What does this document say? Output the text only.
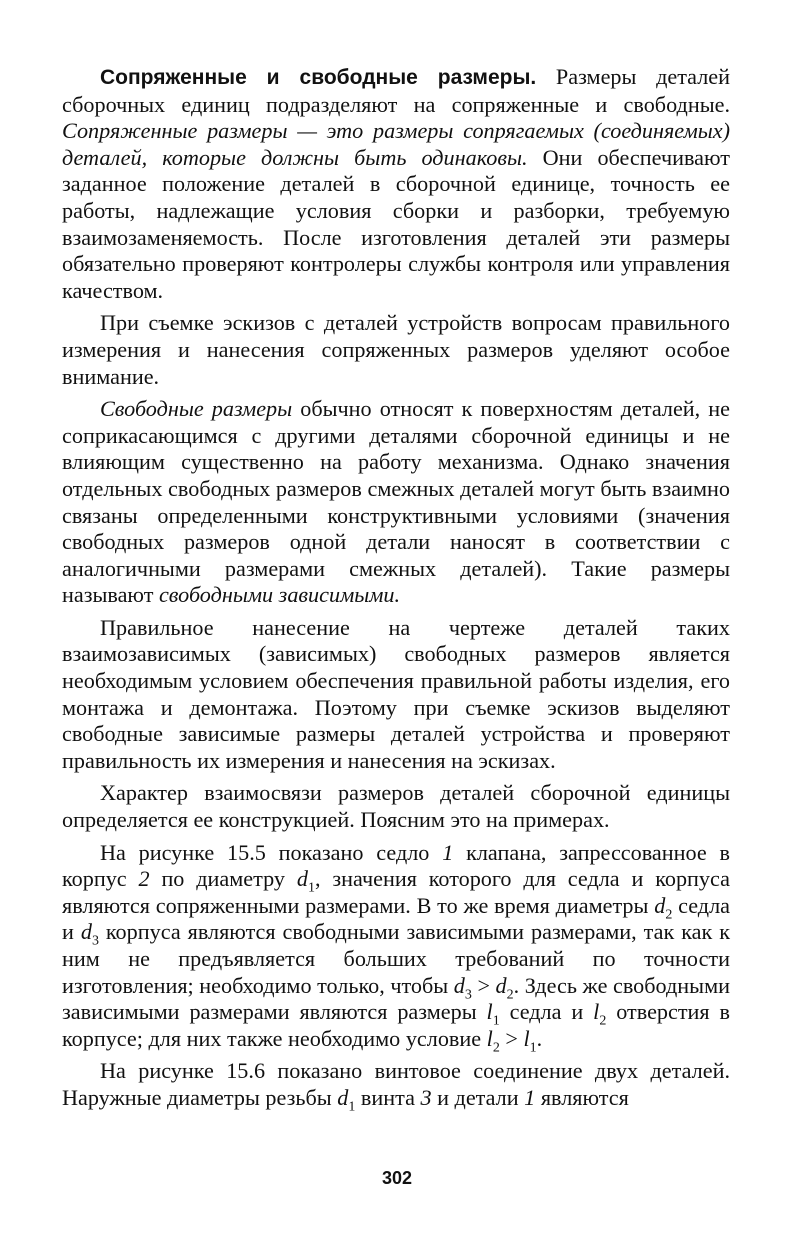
Сопряженные и свободные размеры. Размеры деталей сборочных единиц подразделяют на сопряженные и свободные. Сопряженные размеры — это размеры сопрягаемых (соединяемых) деталей, которые должны быть одинаковы. Они обеспечивают заданное положение деталей в сборочной единице, точность ее работы, надлежащие условия сборки и разборки, требуемую взаимозаменяемость. После изготовления деталей эти размеры обязательно проверяют контролеры службы контроля или управления качеством.

При съемке эскизов с деталей устройств вопросам правильного измерения и нанесения сопряженных размеров уделяют особое внимание.

Свободные размеры обычно относят к поверхностям деталей, не соприкасающимся с другими деталями сборочной единицы и не влияющим существенно на работу механизма. Однако значения отдельных свободных размеров смежных деталей могут быть взаимно связаны определенными конструктивными условиями (значения свободных размеров одной детали наносят в соответствии с аналогичными размерами смежных деталей). Такие размеры называют свободными зависимыми.

Правильное нанесение на чертеже деталей таких взаимозависимых (зависимых) свободных размеров является необходимым условием обеспечения правильной работы изделия, его монтажа и демонтажа. Поэтому при съемке эскизов выделяют свободные зависимые размеры деталей устройства и проверяют правильность их измерения и нанесения на эскизах.

Характер взаимосвязи размеров деталей сборочной единицы определяется ее конструкцией. Поясним это на примерах.

На рисунке 15.5 показано седло 1 клапана, запрессованное в корпус 2 по диаметру $d_1$, значения которого для седла и корпуса являются сопряженными размерами. В то же время диаметры $d_2$ седла и $d_3$ корпуса являются свободными зависимыми размерами, так как к ним не предъявляется больших требований по точности изготовления; необходимо только, чтобы $d_3 > d_2$. Здесь же свободными зависимыми размерами являются размеры $l_1$ седла и $l_2$ отверстия в корпусе; для них также необходимо условие $l_2 > l_1$.

На рисунке 15.6 показано винтовое соединение двух деталей. Наружные диаметры резьбы $d_1$ винта 3 и детали 1 являются

302
